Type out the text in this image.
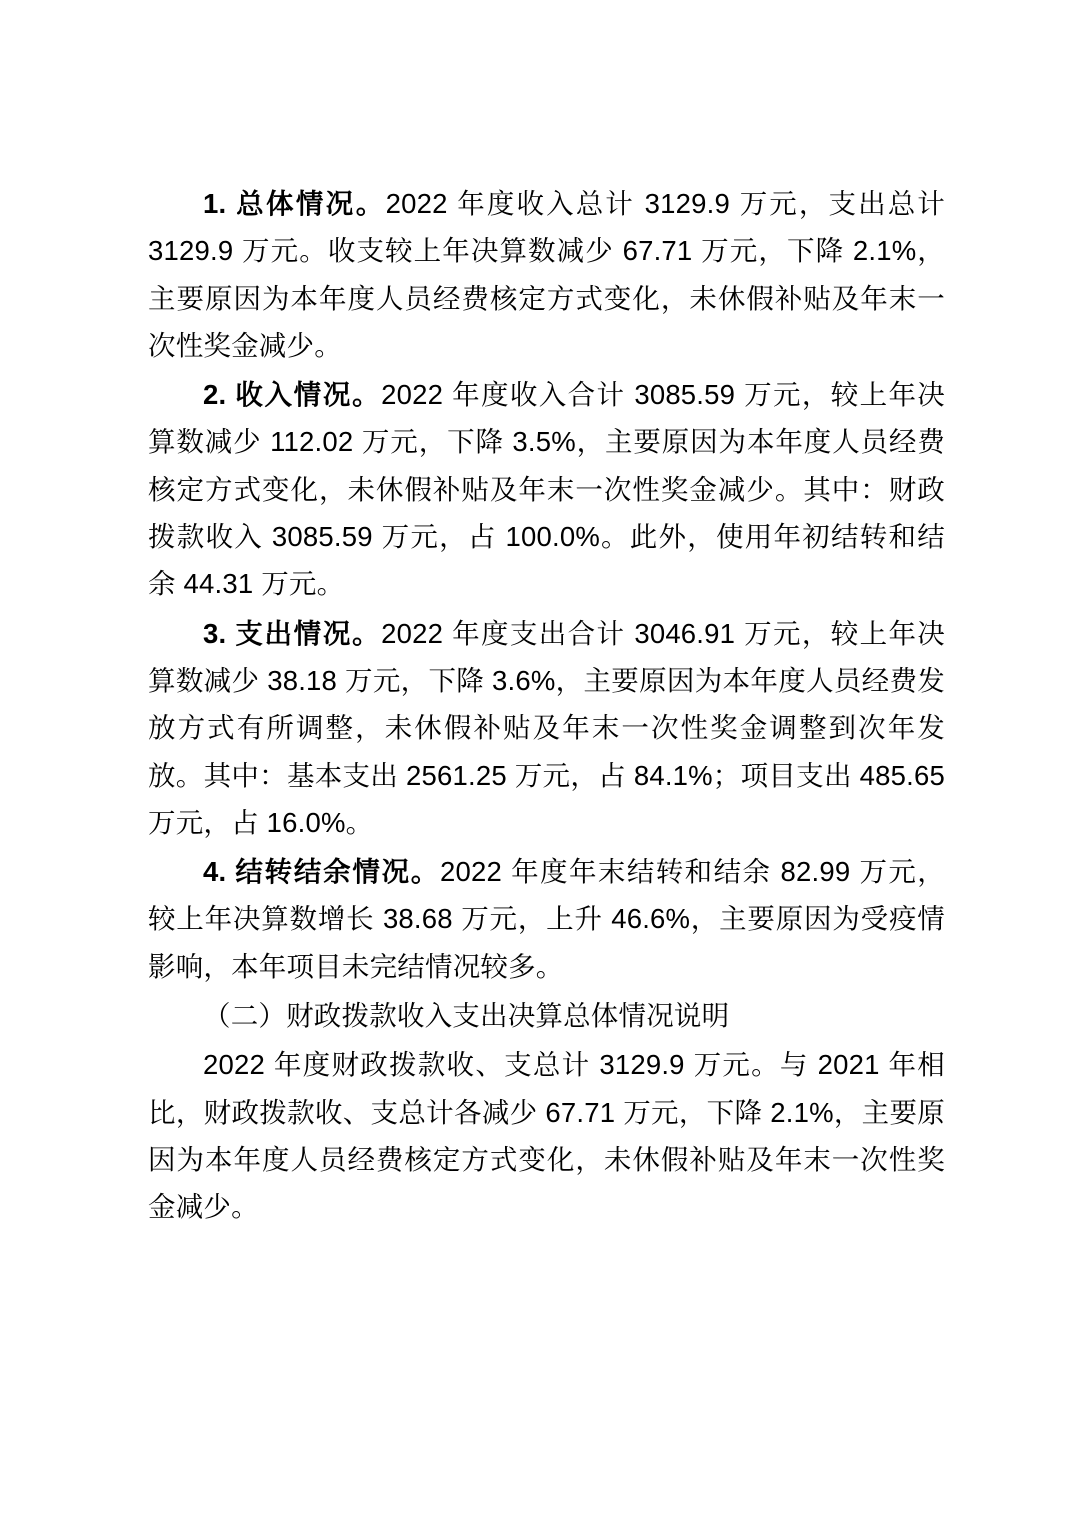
1. 总体情况。2022 年度收入总计 3129.9 万元，支出总计 3129.9 万元。收支较上年决算数减少 67.71 万元，下降 2.1%，主要原因为本年度人员经费核定方式变化，未休假补贴及年末一次性奖金减少。

2. 收入情况。2022 年度收入合计 3085.59 万元，较上年决算数减少 112.02 万元，下降 3.5%，主要原因为本年度人员经费核定方式变化，未休假补贴及年末一次性奖金减少。其中：财政拨款收入 3085.59 万元，占 100.0%。此外，使用年初结转和结余 44.31 万元。

3. 支出情况。2022 年度支出合计 3046.91 万元，较上年决算数减少 38.18 万元，下降 3.6%，主要原因为本年度人员经费发放方式有所调整，未休假补贴及年末一次性奖金调整到次年发放。其中：基本支出 2561.25 万元，占 84.1%；项目支出 485.65 万元，占 16.0%。

4. 结转结余情况。2022 年度年末结转和结余 82.99 万元，较上年决算数增长 38.68 万元，上升 46.6%，主要原因为受疫情影响，本年项目未完结情况较多。

（二）财政拨款收入支出决算总体情况说明

2022 年度财政拨款收、支总计 3129.9 万元。与 2021 年相比，财政拨款收、支总计各减少 67.71 万元，下降 2.1%，主要原因为本年度人员经费核定方式变化，未休假补贴及年末一次性奖金减少。
